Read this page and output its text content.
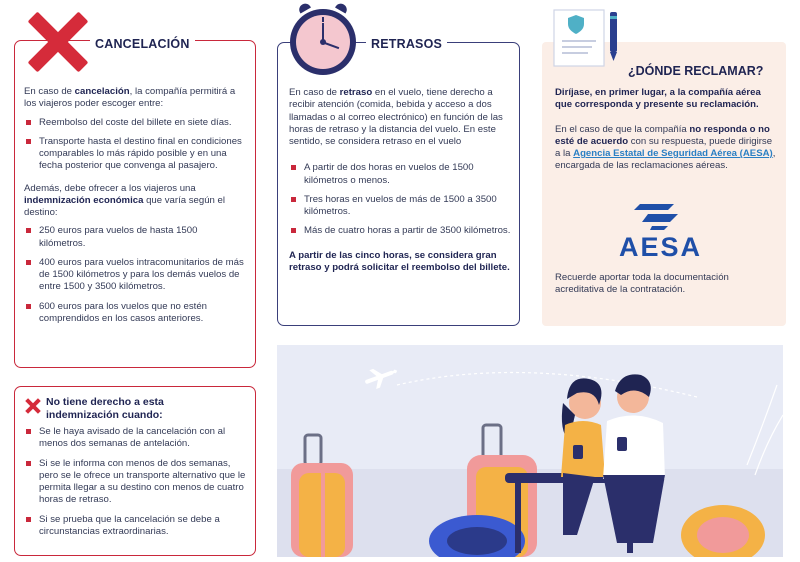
CANCELACIÓN

En caso de cancelación, la compañía permitirá a los viajeros poder escoger entre:

Reembolso del coste del billete en siete días.
Transporte hasta el destino final en condiciones comparables lo más rápido posible y en una fecha posterior que convenga al pasajero.

Además, debe ofrecer a los viajeros una indemnización económica que varía según el destino:

250 euros para vuelos de hasta 1500 kilómetros.
400 euros para vuelos intracomunitarios de más de 1500 kilómetros y para los demás vuelos de entre 1500 y 3500 kilómetros.
600 euros para los vuelos que no estén comprendidos en los casos anteriores.
No tiene derecho a esta indemnización cuando:
Se le haya avisado de la cancelación con al menos dos semanas de antelación.
Si se le informa con menos de dos semanas, pero se le ofrece un transporte alternativo que le permita llegar a su destino con menos de cuatro horas de retraso.
Si se prueba que la cancelación se debe a circunstancias extraordinarias.
RETRASOS

En caso de retraso en el vuelo, tiene derecho a recibir atención (comida, bebida y acceso a dos llamadas o al correo electrónico) en función de las horas de retraso y la distancia del vuelo. En este sentido, se considera retraso en el vuelo

A partir de dos horas en vuelos de 1500 kilómetros o menos.
Tres horas en vuelos de más de 1500 a 3500 kilómetros.
Más de cuatro horas a partir de 3500 kilómetros.

A partir de las cinco horas, se considera gran retraso y podrá solicitar el reembolso del billete.

¿DÓNDE RECLAMAR?

Diríjase, en primer lugar, a la compañía aérea que corresponda y presente su reclamación.

En el caso de que la compañía no responda o no esté de acuerdo con su respuesta, puede dirigirse a la Agencia Estatal de Seguridad Aérea (AESA), encargada de las reclamaciones aéreas.

AESA
Recuerde aportar toda la documentación acreditativa de la contratación.
